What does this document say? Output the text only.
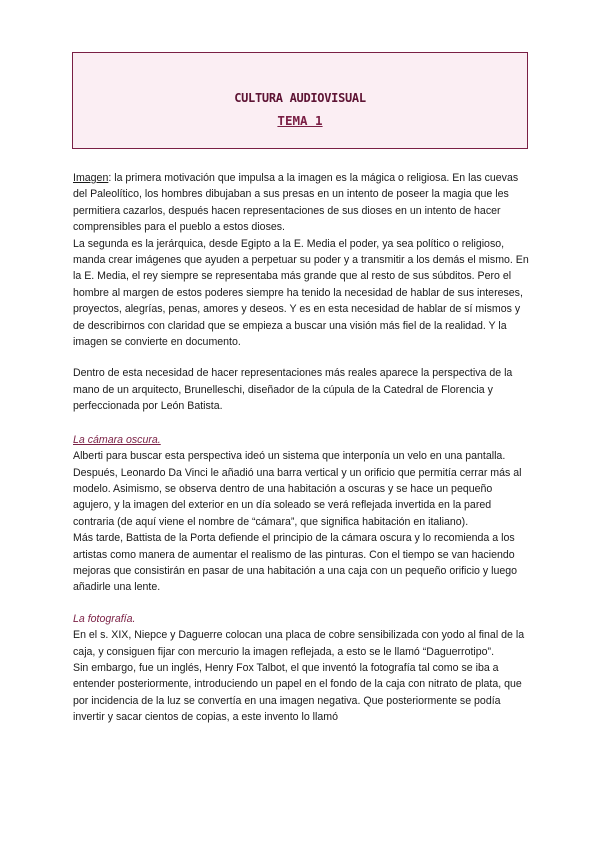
CULTURA AUDIOVISUAL
TEMA 1

Imagen: la primera motivación que impulsa a la imagen es la mágica o religiosa. En las cuevas del Paleolítico, los hombres dibujaban a sus presas en un intento de poseer la magia que les permitiera cazarlos, después hacen representaciones de sus dioses en un intento de hacer comprensibles para el pueblo a estos dioses.

La segunda es la jerárquica, desde Egipto a la E. Media el poder, ya sea político o religioso, manda crear imágenes que ayuden a perpetuar su poder y a transmitir a los demás el mismo. En la E. Media, el rey siempre se representaba más grande que al resto de sus súbditos. Pero el hombre al margen de estos poderes siempre ha tenido la necesidad de hablar de sus intereses, proyectos, alegrías, penas, amores y deseos. Y es en esta necesidad de hablar de sí mismos y de describirnos con claridad que se empieza a buscar una visión más fiel de la realidad. Y la imagen se convierte en documento.

Dentro de esta necesidad de hacer representaciones más reales aparece la perspectiva de la mano de un arquitecto, Brunelleschi, diseñador de la cúpula de la Catedral de Florencia y perfeccionada por León Batista.

La cámara oscura.

Alberti para buscar esta perspectiva ideó un sistema que interponía un velo en una pantalla.

Después, Leonardo Da Vinci le añadió una barra vertical y un orificio que permitía cerrar más al modelo. Asimismo, se observa dentro de una habitación a oscuras y se hace un pequeño agujero, y la imagen del exterior en un día soleado se verá reflejada invertida en la pared contraria (de aquí viene el nombre de “cámara”, que significa habitación en italiano).

Más tarde, Battista de la Porta defiende el principio de la cámara oscura y lo recomienda a los artistas como manera de aumentar el realismo de las pinturas. Con el tiempo se van haciendo mejoras que consistirán en pasar de una habitación a una caja con un pequeño orificio y luego añadirle una lente.

La fotografía.

En el s. XIX, Niepce y Daguerre colocan una placa de cobre sensibilizada con yodo al final de la caja, y consiguen fijar con mercurio la imagen reflejada, a esto se le llamó “Daguerrotipo”.

Sin embargo, fue un inglés, Henry Fox Talbot, el que inventó la fotografía tal como se iba a entender posteriormente, introduciendo un papel en el fondo de la caja con nitrato de plata, que por incidencia de la luz se convertía en una imagen negativa. Que posteriormente se podía invertir y sacar cientos de copias, a este invento lo llamó
